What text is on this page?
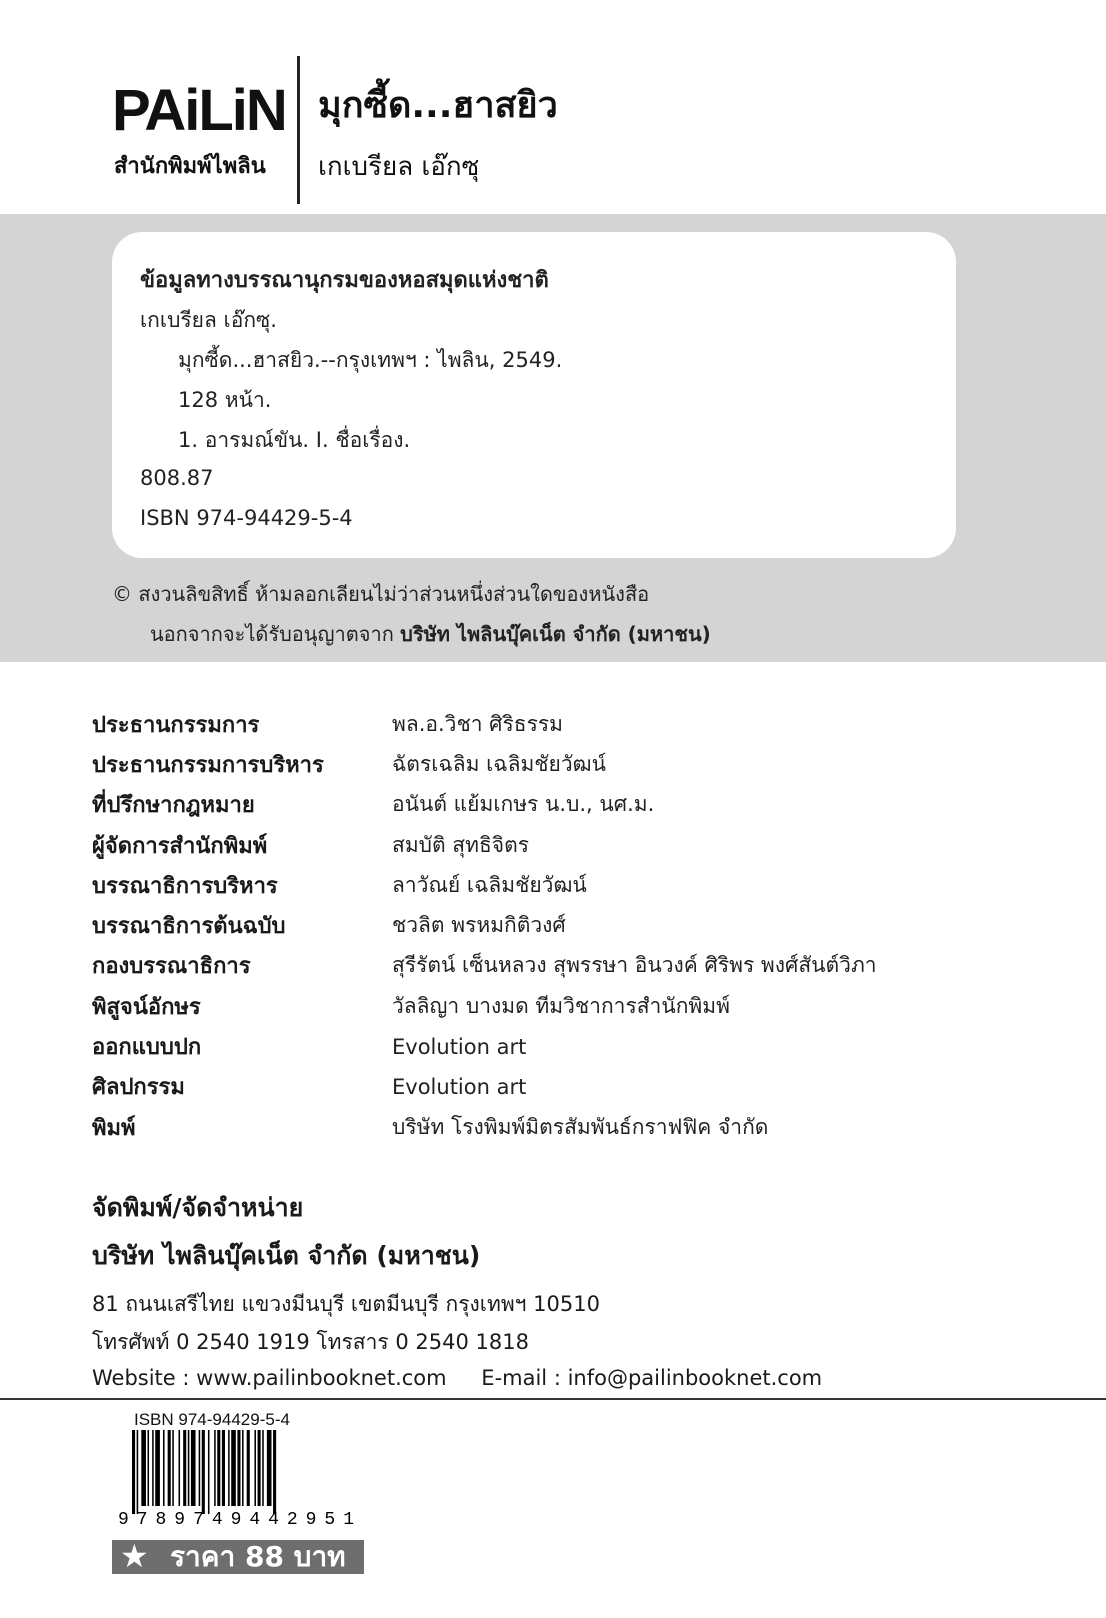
PAiLiN
สำนักพิมพ์ไพลิน
มุกซี้ด...ฮาสยิว
เกเบรียล เอ๊กซุ
ข้อมูลทางบรรณานุกรมของหอสมุดแห่งชาติ
เกเบรียล เอ๊กซุ.
มุกซี้ด...ฮาสยิว.--กรุงเทพฯ : ไพลิน, 2549.
128 หน้า.
1. อารมณ์ขัน. I. ชื่อเรื่อง.
808.87
ISBN 974-94429-5-4
© สงวนลิขสิทธิ์ ห้ามลอกเลียนไม่ว่าส่วนหนึ่งส่วนใดของหนังสือ
นอกจากจะได้รับอนุญาตจาก บริษัท ไพลินบุ๊คเน็ต จำกัด (มหาชน)
ประธานกรรมการ	พล.อ.วิชา ศิริธรรม
ประธานกรรมการบริหาร	ฉัตรเฉลิม เฉลิมชัยวัฒน์
ที่ปรึกษากฎหมาย	อนันต์ แย้มเกษร น.บ., นศ.ม.
ผู้จัดการสำนักพิมพ์	สมบัติ สุทธิจิตร
บรรณาธิการบริหาร	ลาวัณย์ เฉลิมชัยวัฒน์
บรรณาธิการต้นฉบับ	ชวลิต พรหมกิติวงศ์
กองบรรณาธิการ	สุรีรัตน์ เซ็นหลวง สุพรรษา อินวงค์ ศิริพร พงศ์สันต์วิภา
พิสูจน์อักษร	วัลลิญา บางมด ทีมวิชาการสำนักพิมพ์
ออกแบบปก	Evolution art
ศิลปกรรม	Evolution art
พิมพ์	บริษัท โรงพิมพ์มิตรสัมพันธ์กราฟฟิค จำกัด
จัดพิมพ์/จัดจำหน่าย
บริษัท ไพลินบุ๊คเน็ต จำกัด (มหาชน)
81 ถนนเสรีไทย แขวงมีนบุรี เขตมีนบุรี กรุงเทพฯ 10510
โทรศัพท์ 0 2540 1919 โทรสาร 0 2540 1818
Website : www.pailinbooknet.com E-mail : info@pailinbooknet.com
ISBN 974-94429-5-4
9789749442951
★ ราคา 88 บาท
